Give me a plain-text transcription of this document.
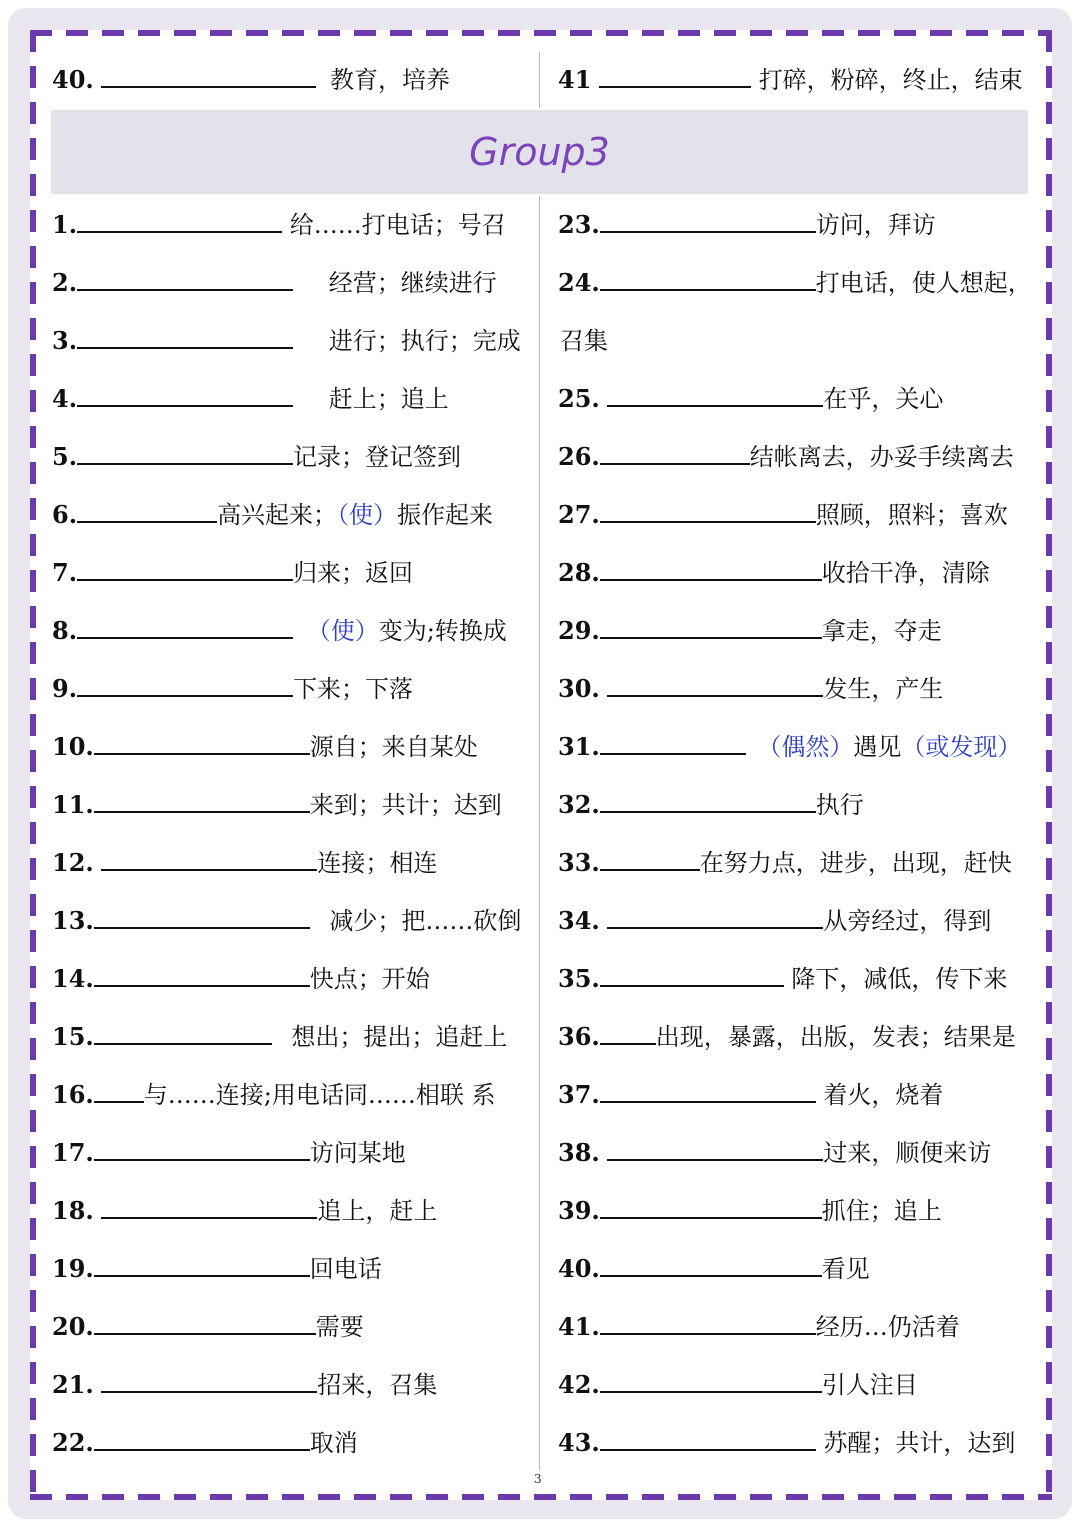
40.	教育，培养	41	打碎，粉碎，终止，结束
Group3
1.	给……打电话；号召
2.	经营；继续进行
3.	进行；执行；完成
4.	赶上；追上
5.	记录；登记签到
6.	高兴起来；（使）振作起来
7.	归来；返回
8.	（使）变为;转换成
9.	下来；下落
10.	源自；来自某处
11.	来到；共计；达到
12.	连接；相连
13.	减少；把……砍倒
14.	快点；开始
15.	想出；提出；追赶上
16. 与……连接;用电话同……相联 系
17.	访问某地
18.	追上，赶上
19.	回电话
20.	需要
21.	招来，召集
22.	取消
23.	访问，拜访
24.	打电话，使人想起，
召集
25.	在乎，关心
26.	结帐离去，办妥手续离去
27.	照顾，照料；喜欢
28.	收拾干净，清除
29.	拿走，夺走
30.	发生，产生
31.	（偶然）遇见（或发现）
32.	执行
33.	在努力点，进步，出现，赶快
34.	从旁经过，得到
35.	降下，减低，传下来
36. 出现，暴露，出版，发表；结果是
37.	着火，烧着
38.	过来，顺便来访
39.	抓住；追上
40.	看见
41.	经历…仍活着
42.	引人注目
43.	苏醒；共计，达到
3
